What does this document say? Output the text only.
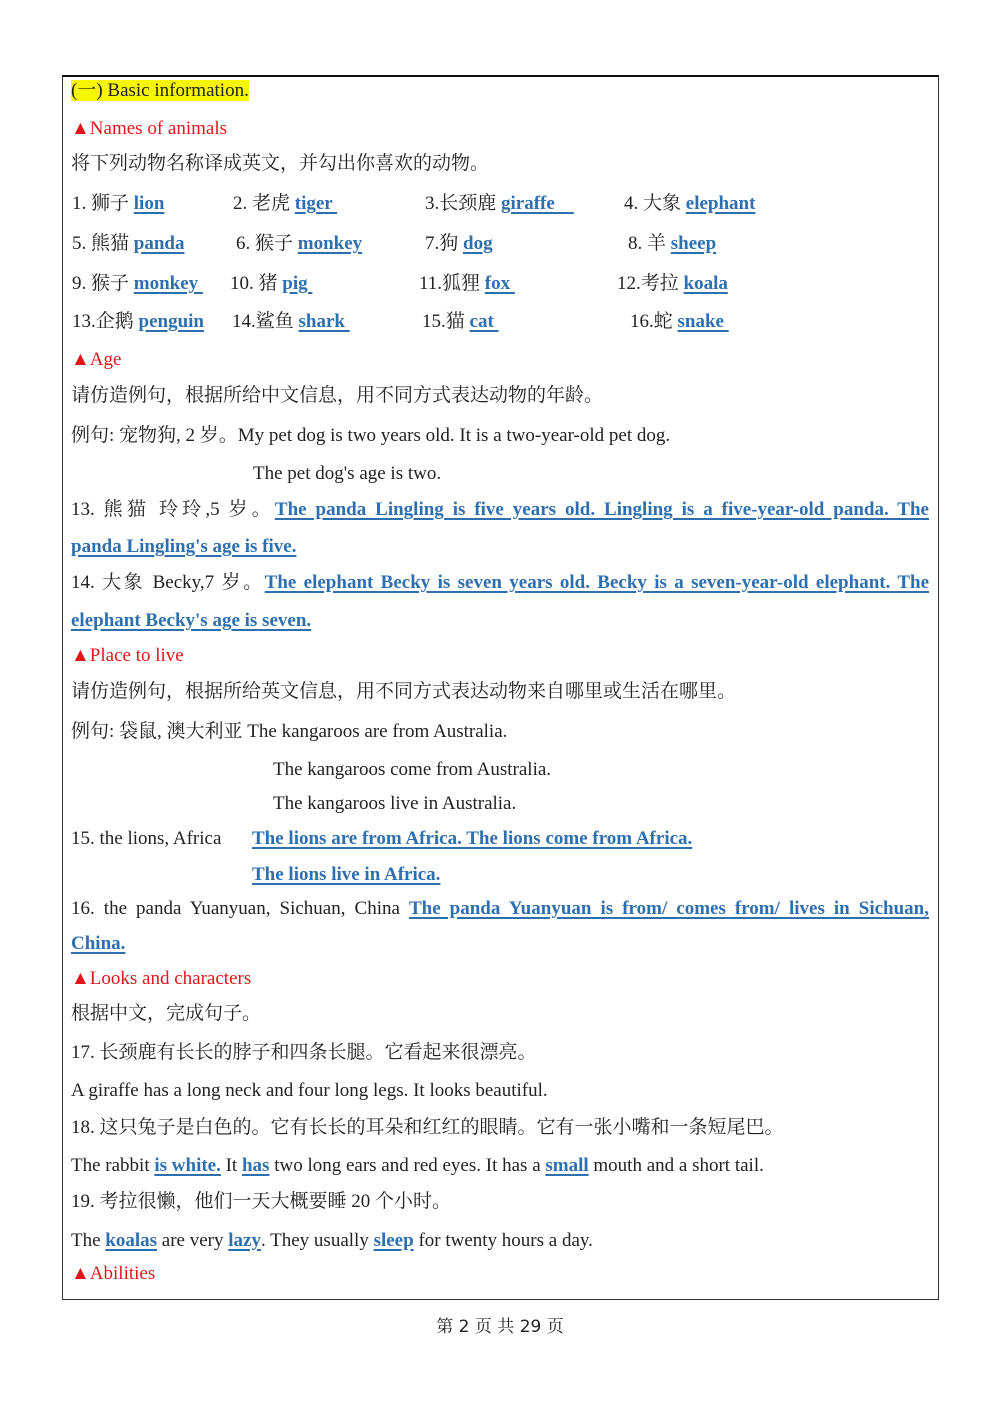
(一) Basic information.
▲Names of animals
将下列动物名称译成英文，并勾出你喜欢的动物。
1. 狮子 lion	2. 老虎 tiger	3.长颈鹿 giraffe	4. 大象 elephant
5. 熊猫 panda	6. 猴子 monkey	7.狗 dog	8. 羊 sheep
9. 猴子 monkey 10. 猪 pig	11.狐狸 fox	12.考拉 koala
13.企鹅 penguin 14.鲨鱼 shark	15.猫 cat	16.蛇 snake
▲Age
请仿造例句，根据所给中文信息，用不同方式表达动物的年龄。
例句: 宠物狗, 2 岁。My pet dog is two years old. It is a two-year-old pet dog.
The pet dog's age is two.
13. 熊猫 玲玲,5 岁。The panda Lingling is five years old. Lingling is a five-year-old panda. The
panda Lingling's age is five.
14. 大象 Becky,7 岁。The elephant Becky is seven years old. Becky is a seven-year-old elephant. The
elephant Becky's age is seven.
▲Place to live
请仿造例句，根据所给英文信息，用不同方式表达动物来自哪里或生活在哪里。
例句: 袋鼠, 澳大利亚 The kangaroos are from Australia.
The kangaroos come from Australia.
The kangaroos live in Australia.
15. the lions, Africa The lions are from Africa. The lions come from Africa.
The lions live in Africa.
16. the panda Yuanyuan, Sichuan, China The panda Yuanyuan is from/ comes from/ lives in Sichuan,
China.
▲Looks and characters
根据中文，完成句子。
17. 长颈鹿有长长的脖子和四条长腿。它看起来很漂亮。
A giraffe has a long neck and four long legs. It looks beautiful.
18. 这只兔子是白色的。它有长长的耳朵和红红的眼睛。它有一张小嘴和一条短尾巴。
The rabbit is white. It has two long ears and red eyes. It has a small mouth and a short tail.
19. 考拉很懒，他们一天大概要睡 20 个小时。
The koalas are very lazy. They usually sleep for twenty hours a day.
▲Abilities
第 2 页 共 29 页
